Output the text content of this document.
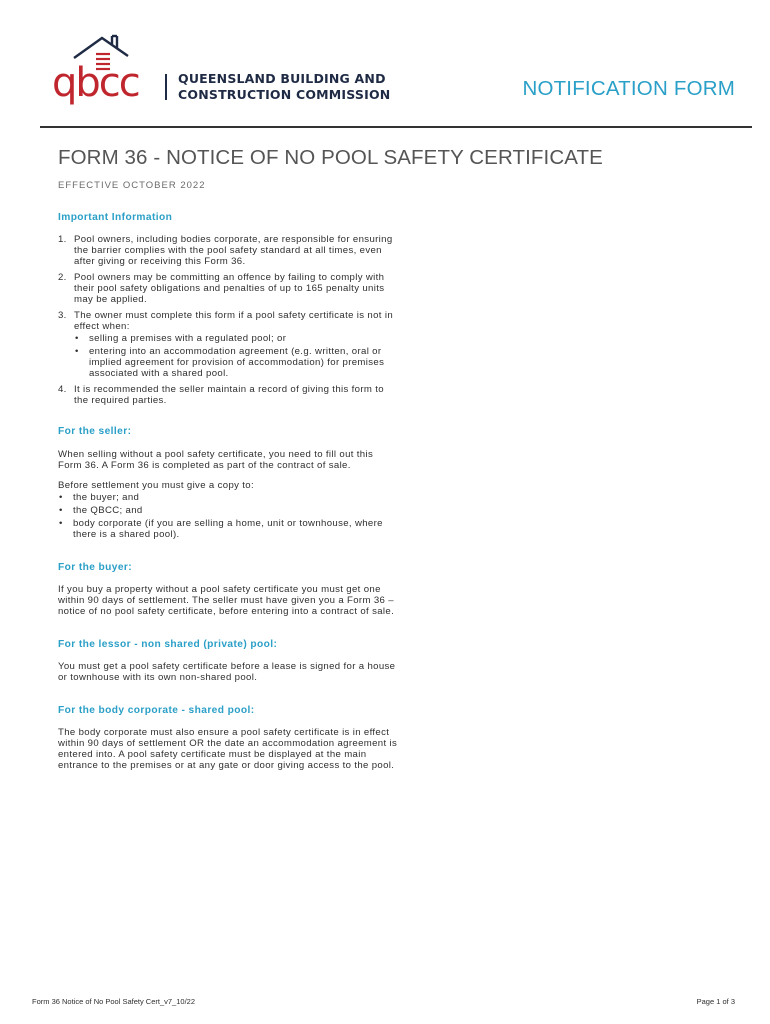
qbcc	QUEENSLAND BUILDING AND
CONSTRUCTION COMMISSION	NOTIFICATION FORM
FORM 36 - NOTICE OF NO POOL SAFETY CERTIFICATE
EFFECTIVE OCTOBER 2022
Important Information
1. Pool owners, including bodies corporate, are responsible for ensuring the barrier complies with the pool safety standard at all times, even after giving or receiving this Form 36.
2. Pool owners may be committing an offence by failing to comply with their pool safety obligations and penalties of up to 165 penalty units may be applied.
3. The owner must complete this form if a pool safety certificate is not in effect when:
• selling a premises with a regulated pool; or
• entering into an accommodation agreement (e.g. written, oral or implied agreement for provision of accommodation) for premises associated with a shared pool.
4. It is recommended the seller maintain a record of giving this form to the required parties.
For the seller:

When selling without a pool safety certificate, you need to fill out this Form 36. A Form 36 is completed as part of the contract of sale.

Before settlement you must give a copy to:

• the buyer; and
• the QBCC; and
• body corporate (if you are selling a home, unit or townhouse, where there is a shared pool).
For the buyer:

If you buy a property without a pool safety certificate you must get one within 90 days of settlement. The seller must have given you a Form 36 – notice of no pool safety certificate, before entering into a contract of sale.

For the lessor - non shared (private) pool:

You must get a pool safety certificate before a lease is signed for a house or townhouse with its own non-shared pool.

For the body corporate - shared pool:

The body corporate must also ensure a pool safety certificate is in effect within 90 days of settlement OR the date an accommodation agreement is entered into. A pool safety certificate must be displayed at the main entrance to the premises or at any gate or door giving access to the pool.

Form 36 Notice of No Pool Safety Cert_v7_10/22	Page 1 of 3
